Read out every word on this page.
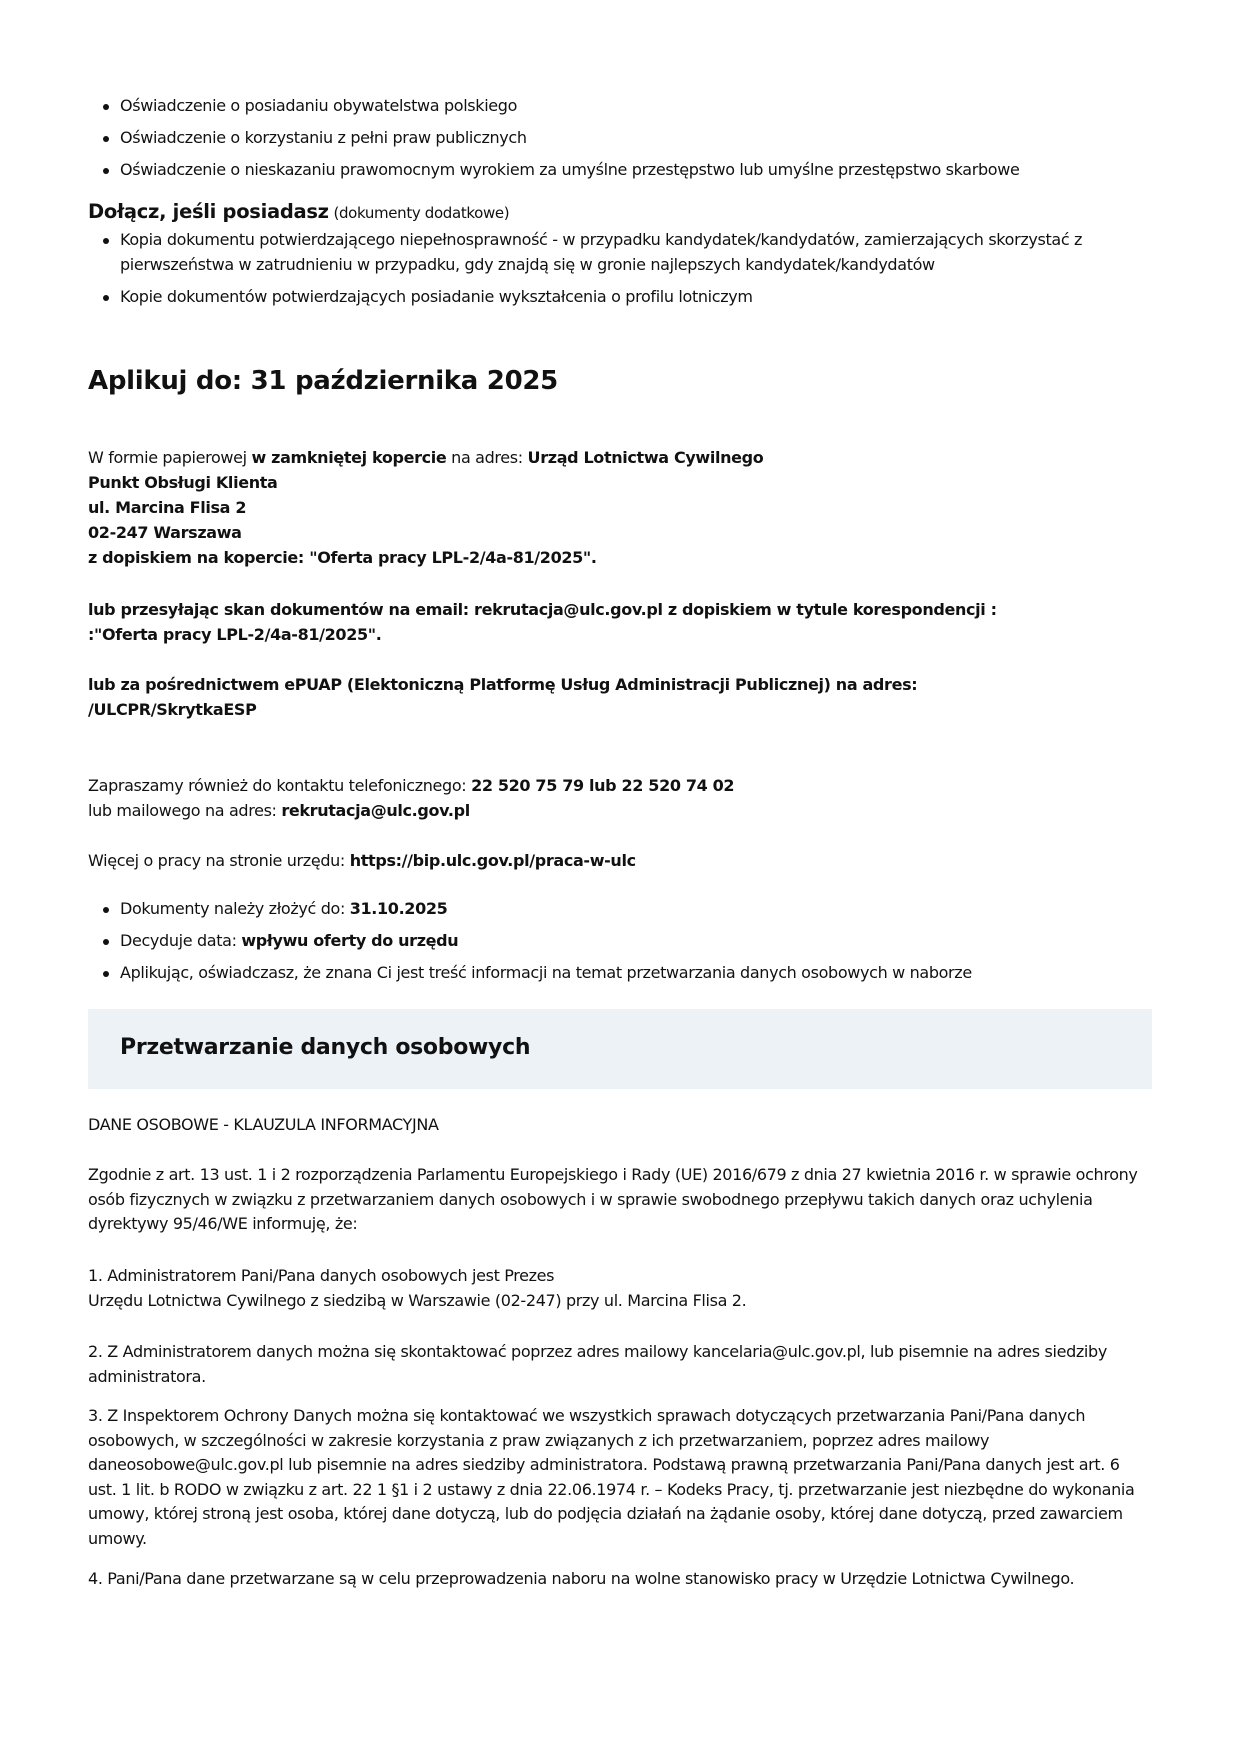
Oświadczenie o posiadaniu obywatelstwa polskiego
Oświadczenie o korzystaniu z pełni praw publicznych
Oświadczenie o nieskazaniu prawomocnym wyrokiem za umyślne przestępstwo lub umyślne przestępstwo skarbowe
Dołącz, jeśli posiadasz (dokumenty dodatkowe)
Kopia dokumentu potwierdzającego niepełnosprawność - w przypadku kandydatek/kandydatów, zamierzających skorzystać z pierwszeństwa w zatrudnieniu w przypadku, gdy znajdą się w gronie najlepszych kandydatek/kandydatów
Kopie dokumentów potwierdzających posiadanie wykształcenia o profilu lotniczym
Aplikuj do: 31 października 2025
W formie papierowej w zamkniętej kopercie na adres: Urząd Lotnictwa Cywilnego
Punkt Obsługi Klienta
ul. Marcina Flisa 2
02-247 Warszawa
z dopiskiem na kopercie: "Oferta pracy LPL-2/4a-81/2025".
lub przesyłając skan dokumentów na email: rekrutacja@ulc.gov.pl z dopiskiem w tytule korespondencji :
:"Oferta pracy LPL-2/4a-81/2025".
lub za pośrednictwem ePUAP (Elektoniczną Platformę Usług Administracji Publicznej) na adres:
/ULCPR/SkrytkaESP
Zapraszamy również do kontaktu telefonicznego: 22 520 75 79 lub 22 520 74 02
lub mailowego na adres: rekrutacja@ulc.gov.pl
Więcej o pracy na stronie urzędu: https://bip.ulc.gov.pl/praca-w-ulc
Dokumenty należy złożyć do: 31.10.2025
Decyduje data: wpływu oferty do urzędu
Aplikując, oświadczasz, że znana Ci jest treść informacji na temat przetwarzania danych osobowych w naborze
Przetwarzanie danych osobowych
DANE OSOBOWE - KLAUZULA INFORMACYJNA
Zgodnie z art. 13 ust. 1 i 2 rozporządzenia Parlamentu Europejskiego i Rady (UE) 2016/679 z dnia 27 kwietnia 2016 r. w sprawie ochrony osób fizycznych w związku z przetwarzaniem danych osobowych i w sprawie swobodnego przepływu takich danych oraz uchylenia dyrektywy 95/46/WE informuję, że:
1. Administratorem Pani/Pana danych osobowych jest Prezes
Urzędu Lotnictwa Cywilnego z siedzibą w Warszawie (02-247) przy ul. Marcina Flisa 2.
2. Z Administratorem danych można się skontaktować poprzez adres mailowy kancelaria@ulc.gov.pl, lub pisemnie na adres siedziby administratora.
3. Z Inspektorem Ochrony Danych można się kontaktować we wszystkich sprawach dotyczących przetwarzania Pani/Pana danych osobowych, w szczególności w zakresie korzystania z praw związanych z ich przetwarzaniem, poprzez adres mailowy daneosobowe@ulc.gov.pl lub pisemnie na adres siedziby administratora. Podstawą prawną przetwarzania Pani/Pana danych jest art. 6 ust. 1 lit. b RODO w związku z art. 22 1 §1 i 2 ustawy z dnia 22.06.1974 r. – Kodeks Pracy, tj. przetwarzanie jest niezbędne do wykonania umowy, której stroną jest osoba, której dane dotyczą, lub do podjęcia działań na żądanie osoby, której dane dotyczą, przed zawarciem umowy.
4. Pani/Pana dane przetwarzane są w celu przeprowadzenia naboru na wolne stanowisko pracy w Urzędzie Lotnictwa Cywilnego.
